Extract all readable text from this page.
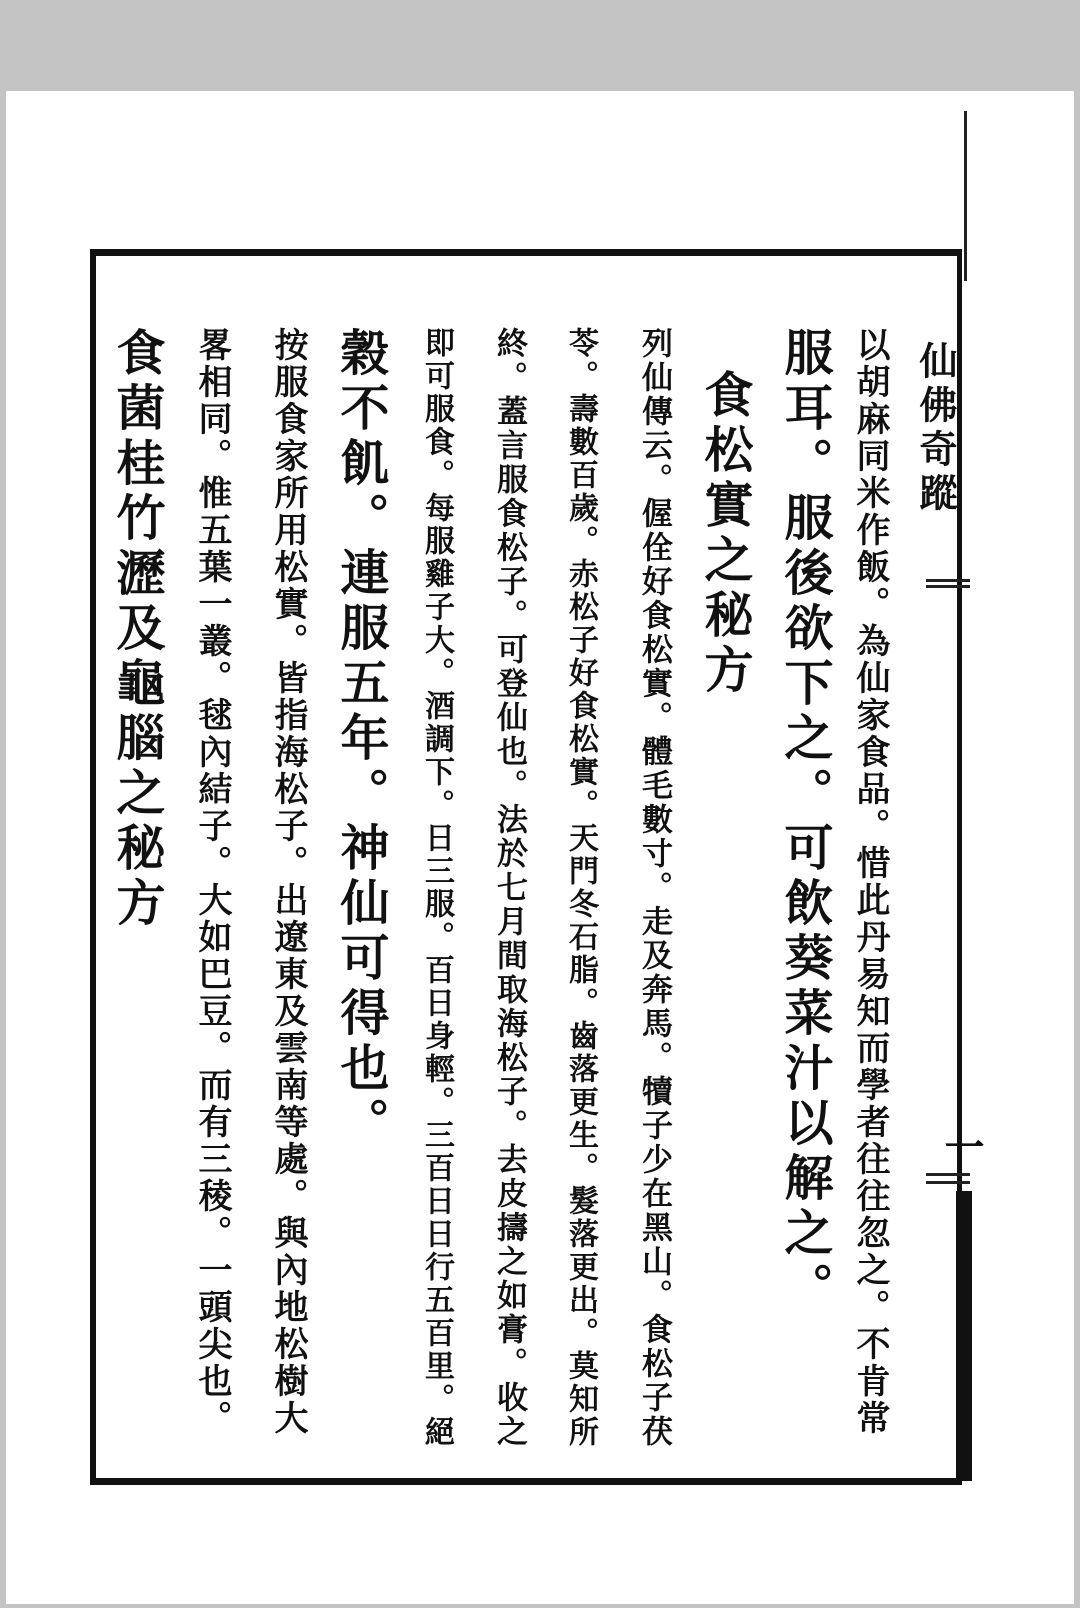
仙佛奇蹤
一

以胡麻同米作飯。為仙家食品。惜此丹易知而學者往往忽之。不肯常

服耳。服後欲下之。可飲葵菜汁以解之。

食松實之秘方

列仙傳云。偓佺好食松實。體毛數寸。走及奔馬。犢子少在黑山。食松子茯

苓。壽數百歲。赤松子好食松實。天門冬石脂。齒落更生。髮落更出。莫知所

終。蓋言服食松子。可登仙也。法於七月間取海松子。去皮擣之如膏。收之

即可服食。每服雞子大。酒調下。日三服。百日身輕。三百日日行五百里。絕

穀不飢。連服五年。神仙可得也。

按服食家所用松實。皆指海松子。出遼東及雲南等處。與內地松樹大

畧相同。惟五葉一叢。毬內結子。大如巴豆。而有三稜。一頭尖也。

食菌桂竹瀝及龜腦之秘方
